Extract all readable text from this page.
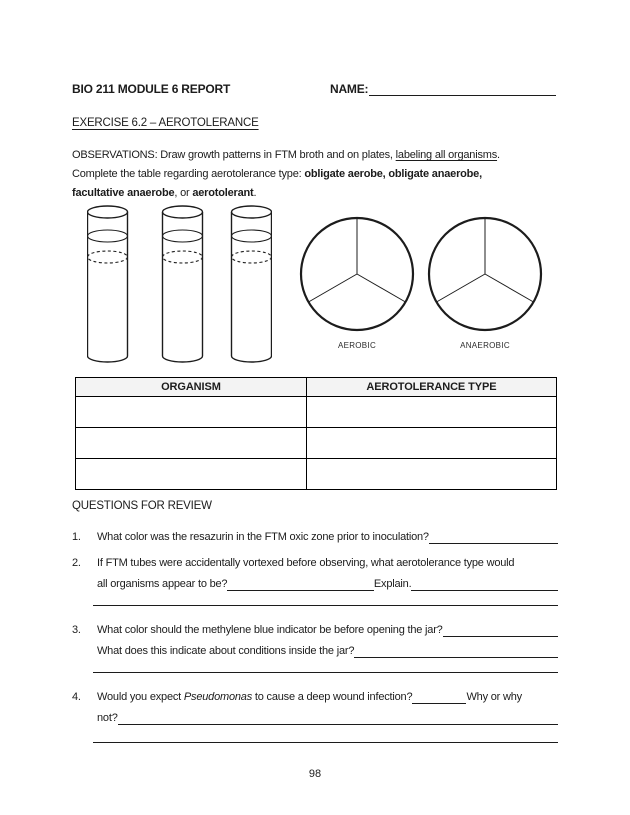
BIO 211 MODULE 6 REPORT	NAME:
EXERCISE 6.2 – AEROTOLERANCE
OBSERVATIONS: Draw growth patterns in FTM broth and on plates, labeling all organisms.
Complete the table regarding aerotolerance type: obligate aerobe, obligate anaerobe,
facultative anaerobe, or aerotolerant.
AEROBIC	ANAEROBIC
ORGANISM	AEROTOLERANCE TYPE

QUESTIONS FOR REVIEW
1.	What color was the resazurin in the FTM oxic zone prior to inoculation?
2.	If FTM tubes were accidentally vortexed before observing, what aerotolerance type would
all organisms appear to be?	Explain.
3.	What color should the methylene blue indicator be before opening the jar?
What does this indicate about conditions inside the jar?
4.	Would you expect Pseudomonas to cause a deep wound infection?	Why or why
not?
98
